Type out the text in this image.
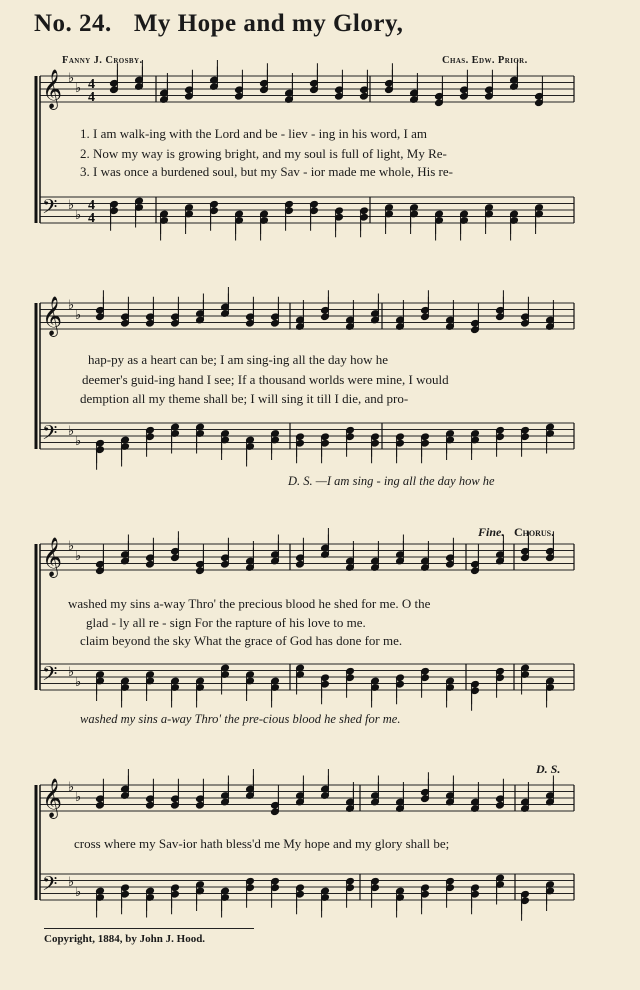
No. 24. My Hope and my Glory,
Fanny J. Crosby.	Chas. Edw. Prior.
𝄞
𝄢
♭
♭
♭
♭
4
4
4
4
𝄞
𝄢
♭
♭
♭
♭
𝄞
𝄢
♭
♭
♭
♭
𝄞
𝄢
♭
♭
♭
♭
1. I am walk-ing with the Lord and be - liev - ing in his word, I am
2. Now my way is growing bright, and my soul is full of light, My Re-
3. I was once a burdened soul, but my Sav - ior made me whole, His re-
hap-py as a heart can be; I am sing-ing all the day how he
deemer's guid-ing hand I see; If a thousand worlds were mine, I would
demption all my theme shall be; I will sing it till I die, and pro-
D. S. —I am sing - ing all the day how he
Fine. Chorus.
washed my sins a-way Thro' the precious blood he shed for me. O the
glad - ly all re - sign For the rapture of his love to me.
claim beyond the sky What the grace of God has done for me.
washed my sins a-way Thro' the pre-cious blood he shed for me.
D. S.
cross where my Sav-ior hath bless'd me My hope and my glory shall be;
Copyright, 1884, by John J. Hood.
